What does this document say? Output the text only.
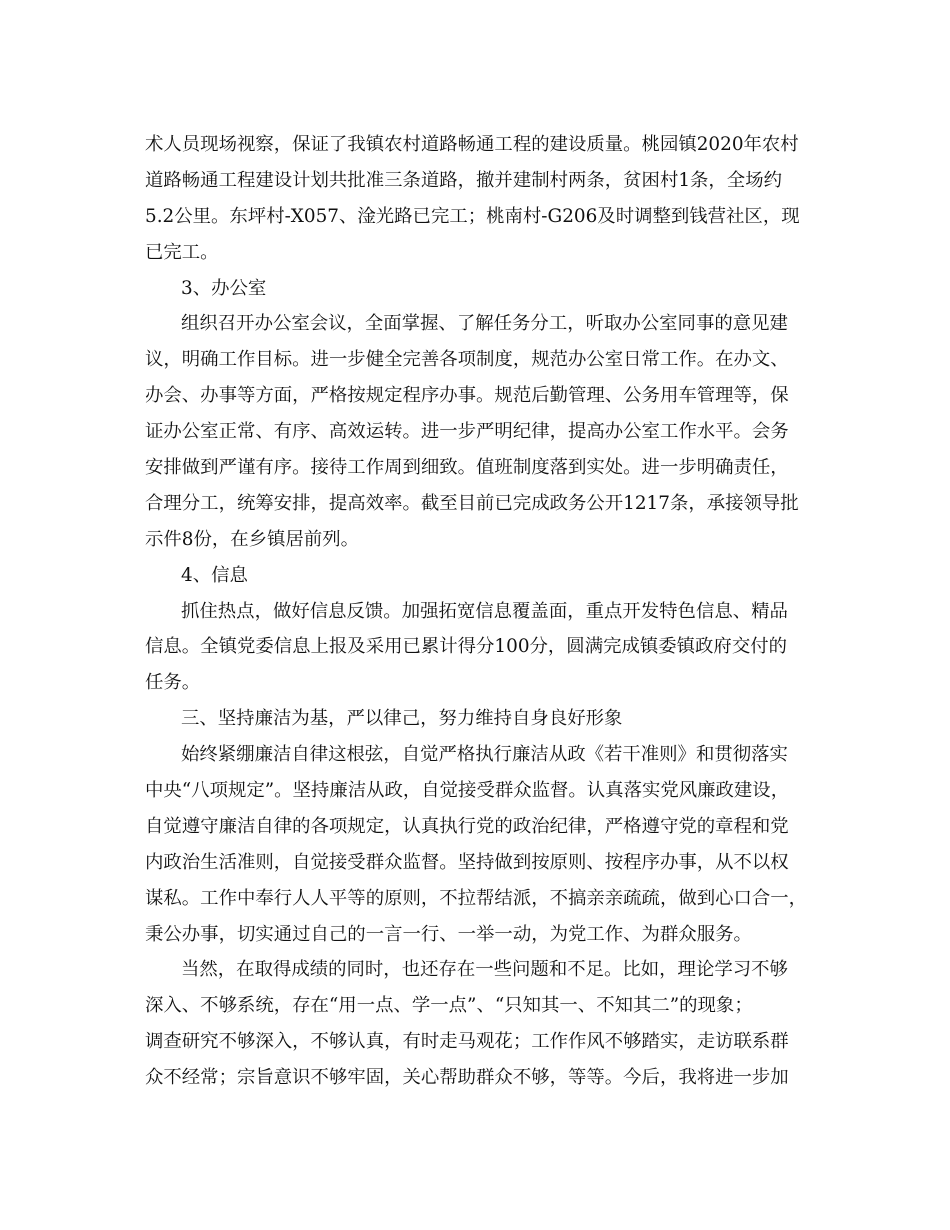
术人员现场视察，保证了我镇农村道路畅通工程的建设质量。桃园镇2020年农村
道路畅通工程建设计划共批准三条道路，撤并建制村两条，贫困村1条，全场约
5.2公里。东坪村-X057、淦光路已完工；桃南村-G206及时调整到钱营社区，现
已完工。
3、办公室
组织召开办公室会议，全面掌握、了解任务分工，听取办公室同事的意见建
议，明确工作目标。进一步健全完善各项制度，规范办公室日常工作。在办文、
办会、办事等方面，严格按规定程序办事。规范后勤管理、公务用车管理等，保
证办公室正常、有序、高效运转。进一步严明纪律，提高办公室工作水平。会务
安排做到严谨有序。接待工作周到细致。值班制度落到实处。进一步明确责任，
合理分工，统筹安排，提高效率。截至目前已完成政务公开1217条，承接领导批
示件8份，在乡镇居前列。
4、信息
抓住热点，做好信息反馈。加强拓宽信息覆盖面，重点开发特色信息、精品
信息。全镇党委信息上报及采用已累计得分100分，圆满完成镇委镇政府交付的
任务。
三、坚持廉洁为基，严以律己，努力维持自身良好形象
始终紧绷廉洁自律这根弦，自觉严格执行廉洁从政《若干准则》和贯彻落实
中央“八项规定”。坚持廉洁从政，自觉接受群众监督。认真落实党风廉政建设，
自觉遵守廉洁自律的各项规定，认真执行党的政治纪律，严格遵守党的章程和党
内政治生活准则，自觉接受群众监督。坚持做到按原则、按程序办事，从不以权
谋私。工作中奉行人人平等的原则，不拉帮结派，不搞亲亲疏疏，做到心口合一，
秉公办事，切实通过自己的一言一行、一举一动，为党工作、为群众服务。
当然，在取得成绩的同时，也还存在一些问题和不足。比如，理论学习不够
深入、不够系统，存在“用一点、学一点”、“只知其一、不知其二”的现象；
调查研究不够深入，不够认真，有时走马观花；工作作风不够踏实，走访联系群
众不经常；宗旨意识不够牢固，关心帮助群众不够，等等。今后，我将进一步加
